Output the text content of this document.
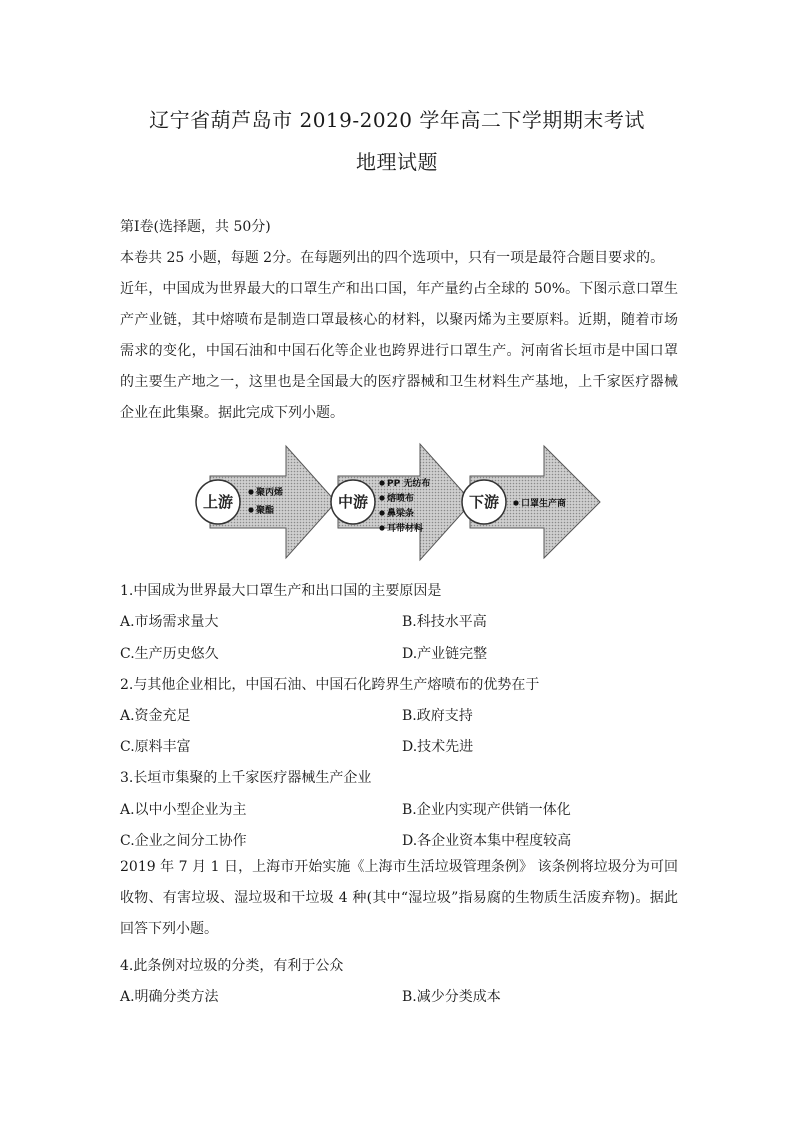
辽宁省葫芦岛市 2019-2020 学年高二下学期期末考试
地理试题
第Ⅰ卷(选择题，共 50分)
本卷共 25 小题，每题 2分。在每题列出的四个选项中，只有一项是最符合题目要求的。
近年，中国成为世界最大的口罩生产和出口国，年产量约占全球的 50%。下图示意口罩生产产业链，其中熔喷布是制造口罩最核心的材料，以聚丙烯为主要原料。近期，随着市场需求的变化，中国石油和中国石化等企业也跨界进行口罩生产。河南省长垣市是中国口罩的主要生产地之一，这里也是全国最大的医疗器械和卫生材料生产基地，上千家医疗器械企业在此集聚。据此完成下列小题。
上游	中游	下游
聚丙烯
聚酯
PP 无纺布
熔喷布
鼻梁条
耳带材料
口罩生产商
1.中国成为世界最大口罩生产和出口国的主要原因是
A.市场需求量大	B.科技水平高
C.生产历史悠久	D.产业链完整
2.与其他企业相比，中国石油、中国石化跨界生产熔喷布的优势在于
A.资金充足	B.政府支持
C.原料丰富	D.技术先进
3.长垣市集聚的上千家医疗器械生产企业
A.以中小型企业为主	B.企业内实现产供销一体化
C.企业之间分工协作	D.各企业资本集中程度较高
2019 年 7 月 1 日，上海市开始实施《上海市生活垃圾管理条例》 该条例将垃圾分为可回收物、有害垃圾、湿垃圾和干垃圾 4 种(其中“湿垃圾”指易腐的生物质生活废弃物)。据此回答下列小题。
4.此条例对垃圾的分类，有利于公众
A.明确分类方法	B.减少分类成本
